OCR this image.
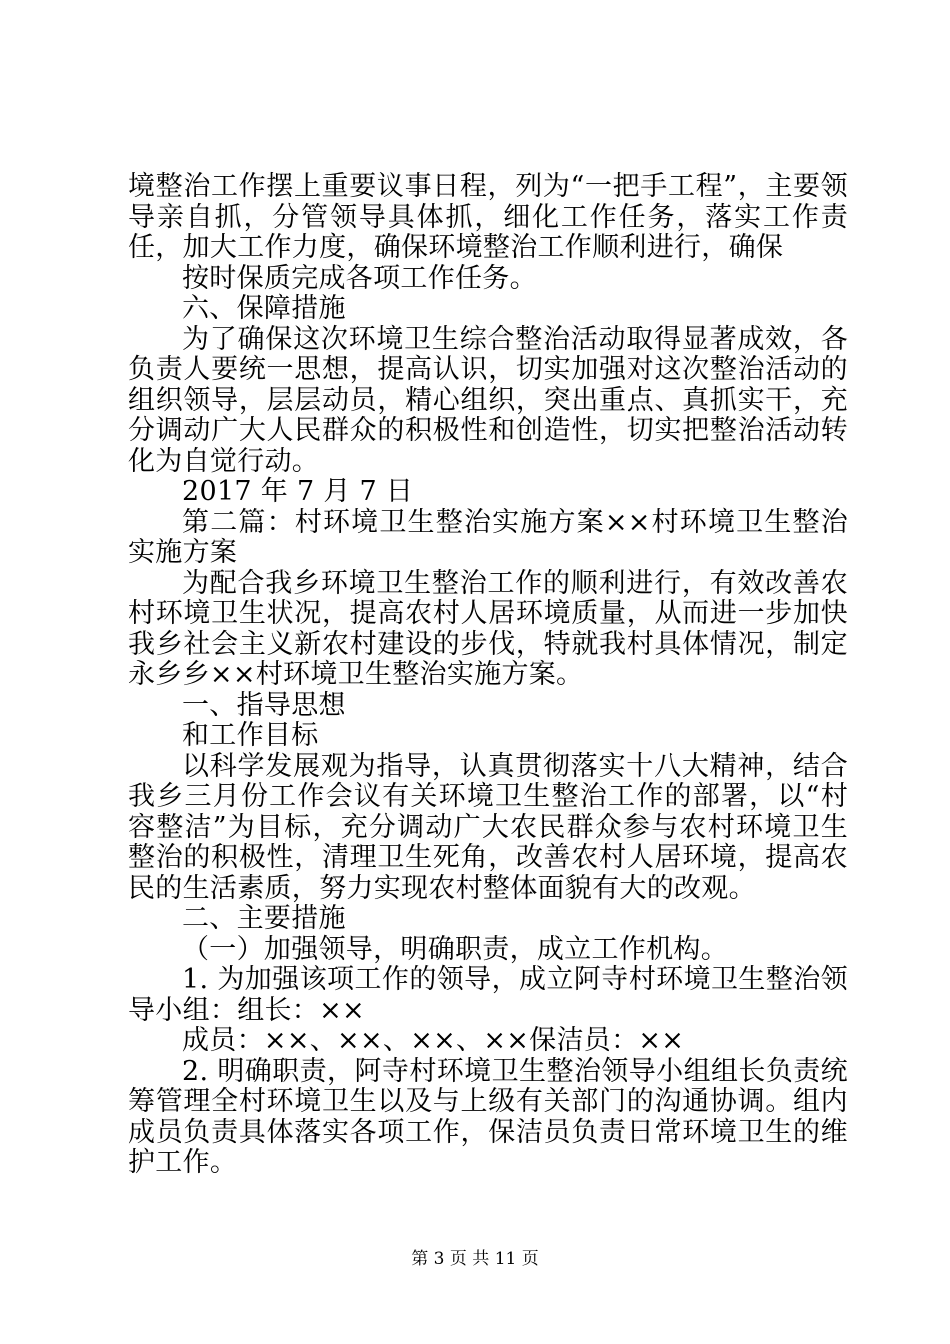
境整治工作摆上重要议事日程，列为“一把手工程”，主要领导亲自抓，分管领导具体抓，细化工作任务，落实工作责任，加大工作力度，确保环境整治工作顺利进行，确保

按时保质完成各项工作任务。

六、保障措施

为了确保这次环境卫生综合整治活动取得显著成效，各负责人要统一思想，提高认识，切实加强对这次整治活动的组织领导，层层动员，精心组织，突出重点、真抓实干，充分调动广大人民群众的积极性和创造性，切实把整治活动转化为自觉行动。

2017 年 7 月 7 日

第二篇：村环境卫生整治实施方案××村环境卫生整治实施方案

为配合我乡环境卫生整治工作的顺利进行，有效改善农村环境卫生状况，提高农村人居环境质量，从而进一步加快我乡社会主义新农村建设的步伐，特就我村具体情况，制定永乡乡××村环境卫生整治实施方案。

一、指导思想

和工作目标

以科学发展观为指导，认真贯彻落实十八大精神，结合我乡三月份工作会议有关环境卫生整治工作的部署，以“村容整洁”为目标，充分调动广大农民群众参与农村环境卫生整治的积极性，清理卫生死角，改善农村人居环境，提高农民的生活素质，努力实现农村整体面貌有大的改观。

二、主要措施

（一）加强领导，明确职责，成立工作机构。

1. 为加强该项工作的领导，成立阿寺村环境卫生整治领导小组：组长：××

成员：××、××、××、××保洁员：××

2. 明确职责，阿寺村环境卫生整治领导小组组长负责统筹管理全村环境卫生以及与上级有关部门的沟通协调。组内成员负责具体落实各项工作，保洁员负责日常环境卫生的维护工作。

第 3 页 共 11 页
